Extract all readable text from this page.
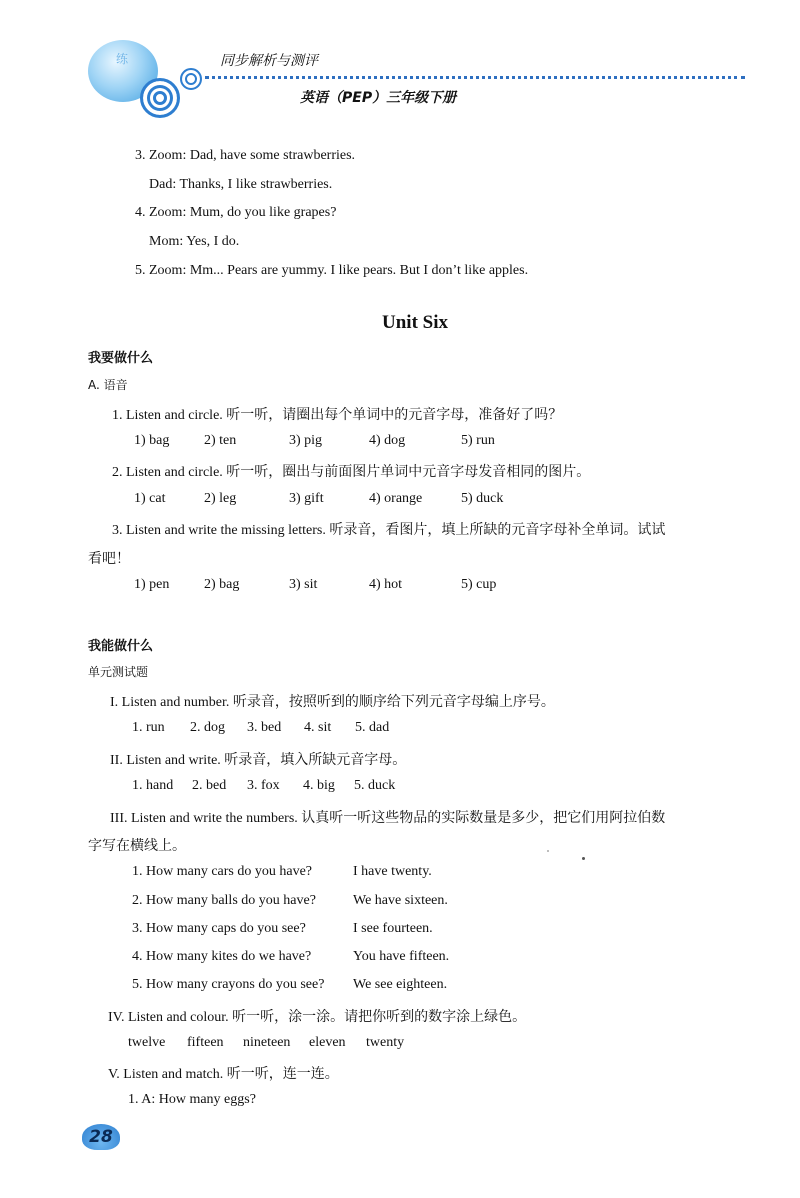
练	同步解析与测评
英语（PEP）三年级下册
3. Zoom: Dad, have some strawberries.
Dad: Thanks, I like strawberries.
4. Zoom: Mum, do you like grapes?
Mom: Yes, I do.
5. Zoom: Mm... Pears are yummy. I like pears. But I don’t like apples.
Unit Six
我要做什么
A. 语音
1. Listen and circle. 听一听，请圈出每个单词中的元音字母，准备好了吗？
1) bag 2) ten	3) pig	4) dog	5) run
2. Listen and circle. 听一听，圈出与前面图片单词中元音字母发音相同的图片。
1) cat	2) leg	3) gift	4) orange	5) duck
3. Listen and write the missing letters. 听录音，看图片，填上所缺的元音字母补全单词。试试
看吧！
1) pen 2) bag	3) sit	4) hot	5) cup
我能做什么
单元测试题
I. Listen and number. 听录音，按照听到的顺序给下列元音字母编上序号。
1. run 2. dog 3. bed 4. sit 5. dad
II. Listen and write. 听录音，填入所缺元音字母。
1. hand 2. bed 3. fox 4. big 5. duck
III. Listen and write the numbers. 认真听一听这些物品的实际数量是多少，把它们用阿拉伯数
字写在横线上。
1. How many cars do you have?	I have twenty.
2. How many balls do you have?	We have sixteen.
3. How many caps do you see?	I see fourteen.
4. How many kites do we have?	You have fifteen.
5. How many crayons do you see? We see eighteen.
IV. Listen and colour. 听一听，涂一涂。请把你听到的数字涂上绿色。
twelve fifteen nineteen eleven twenty
V. Listen and match. 听一听，连一连。
1. A: How many eggs?
28
